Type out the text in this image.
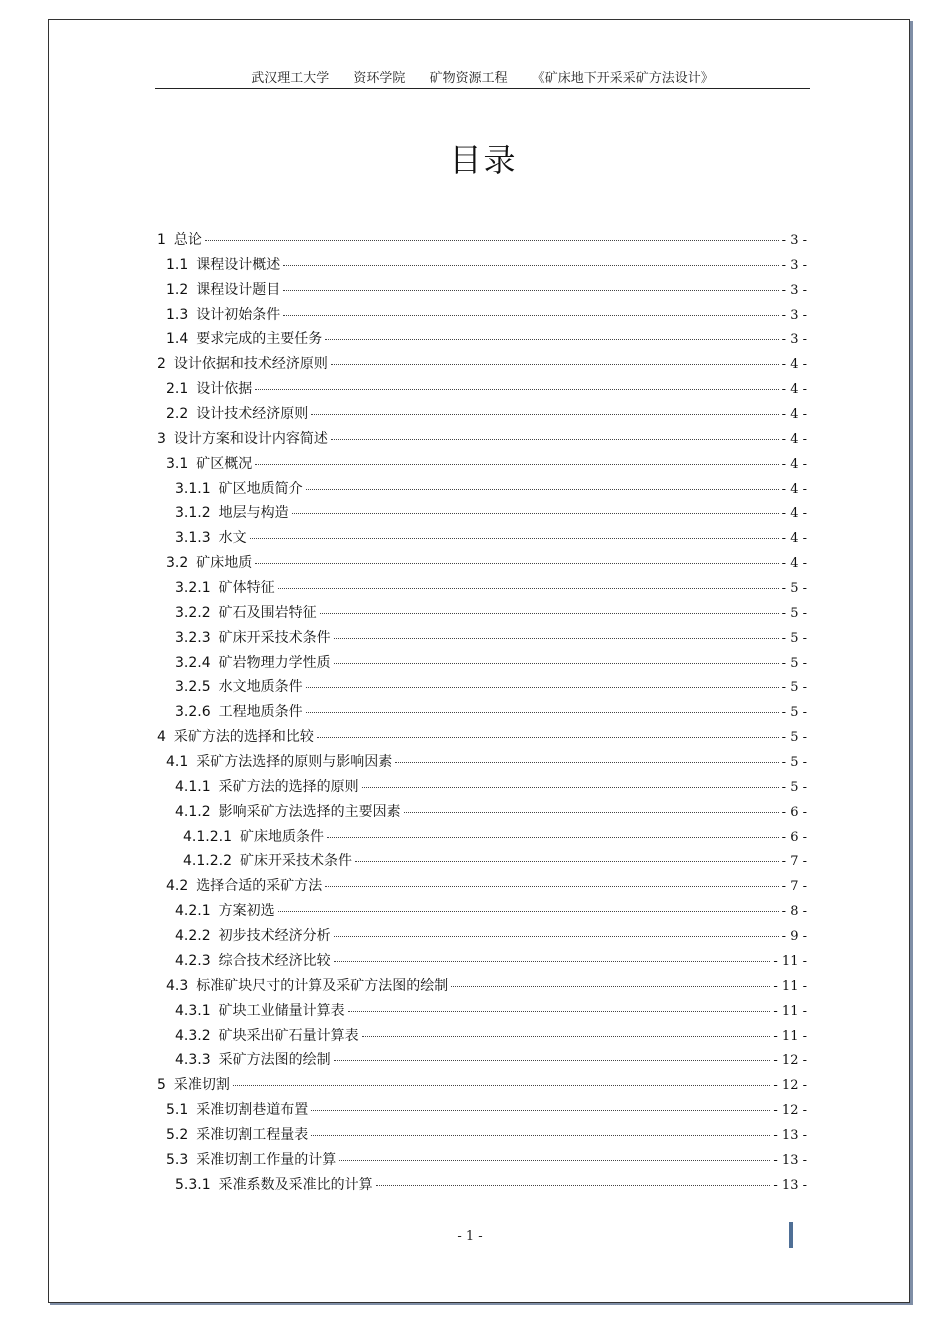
武汉理工大学 资环学院 矿物资源工程 《矿床地下开采采矿方法设计》
目录
1 总论	- 3 -
1.1 课程设计概述	- 3 -
1.2 课程设计题目	- 3 -
1.3 设计初始条件	- 3 -
1.4 要求完成的主要任务	- 3 -
2 设计依据和技术经济原则	- 4 -
2.1 设计依据	- 4 -
2.2 设计技术经济原则	- 4 -
3 设计方案和设计内容简述	- 4 -
3.1 矿区概况	- 4 -
3.1.1 矿区地质简介	- 4 -
3.1.2 地层与构造	- 4 -
3.1.3 水文	- 4 -
3.2 矿床地质	- 4 -
3.2.1 矿体特征	- 5 -
3.2.2 矿石及围岩特征	- 5 -
3.2.3 矿床开采技术条件	- 5 -
3.2.4 矿岩物理力学性质	- 5 -
3.2.5 水文地质条件	- 5 -
3.2.6 工程地质条件	- 5 -
4 采矿方法的选择和比较	- 5 -
4.1 采矿方法选择的原则与影响因素	- 5 -
4.1.1 采矿方法的选择的原则	- 5 -
4.1.2 影响采矿方法选择的主要因素	- 6 -
4.1.2.1 矿床地质条件	- 6 -
4.1.2.2 矿床开采技术条件	- 7 -
4.2 选择合适的采矿方法	- 7 -
4.2.1 方案初选	- 8 -
4.2.2 初步技术经济分析	- 9 -
4.2.3 综合技术经济比较	- 11 -
4.3 标准矿块尺寸的计算及采矿方法图的绘制	- 11 -
4.3.1 矿块工业储量计算表	- 11 -
4.3.2 矿块采出矿石量计算表	- 11 -
4.3.3 采矿方法图的绘制	- 12 -
5 采准切割	- 12 -
5.1 采准切割巷道布置	- 12 -
5.2 采准切割工程量表	- 13 -
5.3 采准切割工作量的计算	- 13 -
5.3.1 采准系数及采准比的计算	- 13 -
- 1 -
